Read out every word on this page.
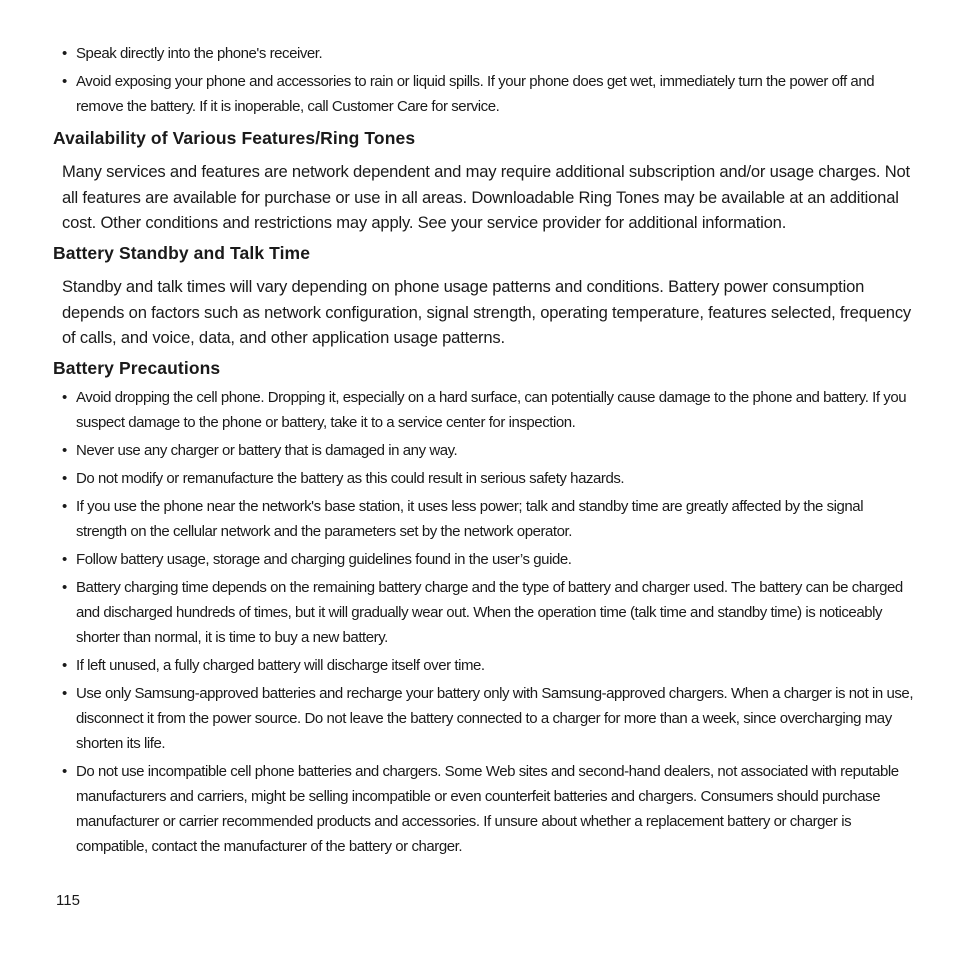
• Speak directly into the phone's receiver.
• Avoid exposing your phone and accessories to rain or liquid spills. If your phone does get wet, immediately turn the power off and remove the battery. If it is inoperable, call Customer Care for service.
Availability of Various Features/Ring Tones

Many services and features are network dependent and may require additional subscription and/or usage charges. Not all features are available for purchase or use in all areas. Downloadable Ring Tones may be available at an additional cost. Other conditions and restrictions may apply. See your service provider for additional information.

Battery Standby and Talk Time

Standby and talk times will vary depending on phone usage patterns and conditions. Battery power consumption depends on factors such as network configuration, signal strength, operating temperature, features selected, frequency of calls, and voice, data, and other application usage patterns.

Battery Precautions
• Avoid dropping the cell phone. Dropping it, especially on a hard surface, can potentially cause damage to the phone and battery. If you suspect damage to the phone or battery, take it to a service center for inspection.
• Never use any charger or battery that is damaged in any way.
• Do not modify or remanufacture the battery as this could result in serious safety hazards.
• If you use the phone near the network's base station, it uses less power; talk and standby time are greatly affected by the signal strength on the cellular network and the parameters set by the network operator.
• Follow battery usage, storage and charging guidelines found in the user’s guide.
• Battery charging time depends on the remaining battery charge and the type of battery and charger used. The battery can be charged and discharged hundreds of times, but it will gradually wear out. When the operation time (talk time and standby time) is noticeably shorter than normal, it is time to buy a new battery.
• If left unused, a fully charged battery will discharge itself over time.
• Use only Samsung-approved batteries and recharge your battery only with Samsung-approved chargers. When a charger is not in use, disconnect it from the power source. Do not leave the battery connected to a charger for more than a week, since overcharging may shorten its life.
• Do not use incompatible cell phone batteries and chargers. Some Web sites and second-hand dealers, not associated with reputable manufacturers and carriers, might be selling incompatible or even counterfeit batteries and chargers. Consumers should purchase manufacturer or carrier recommended products and accessories. If unsure about whether a replacement battery or charger is compatible, contact the manufacturer of the battery or charger.
115
